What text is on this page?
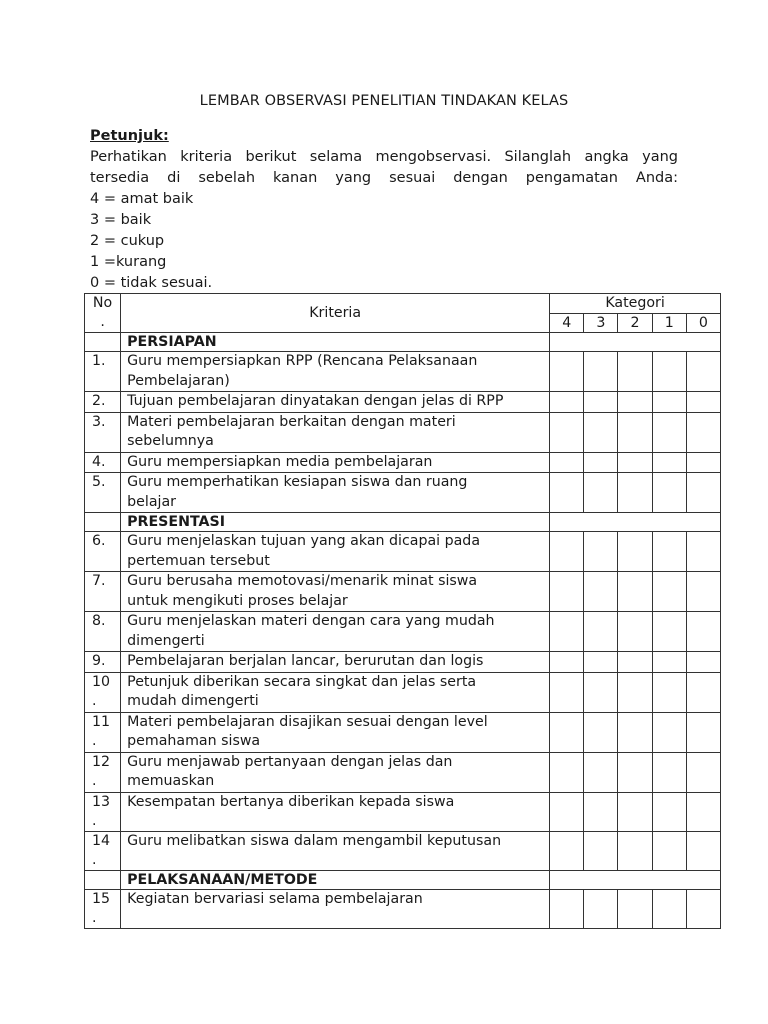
LEMBAR OBSERVASI PENELITIAN TINDAKAN KELAS
Petunjuk:
Perhatikan kriteria berikut selama mengobservasi. Silanglah angka yang
tersedia di sebelah kanan yang sesuai dengan pengamatan Anda:
4 = amat baik
3 = baik
2 = cukup
1 =kurang
0 = tidak sesuai.
No
.	Kriteria	Kategori				
		4	3	2	1	0
	PERSIAPAN					
1.	Guru mempersiapkan RPP (Rencana Pelaksanaan
Pembelajaran)					
2.	Tujuan pembelajaran dinyatakan dengan jelas di RPP					
3.	Materi pembelajaran berkaitan dengan materi
sebelumnya					
4.	Guru mempersiapkan media pembelajaran					
5.	Guru memperhatikan kesiapan siswa dan ruang
belajar					
	PRESENTASI					
6.	Guru menjelaskan tujuan yang akan dicapai pada
pertemuan tersebut					
7.	Guru berusaha memotovasi/menarik minat siswa
untuk mengikuti proses belajar					
8.	Guru menjelaskan materi dengan cara yang mudah
dimengerti					
9.	Pembelajaran berjalan lancar, berurutan dan logis					
10
.	Petunjuk diberikan secara singkat dan jelas serta
mudah dimengerti					
11
.	Materi pembelajaran disajikan sesuai dengan level
pemahaman siswa					
12
.	Guru menjawab pertanyaan dengan jelas dan
memuaskan					
13
.	Kesempatan bertanya diberikan kepada siswa					
14
.	Guru melibatkan siswa dalam mengambil keputusan					
	PELAKSANAAN/METODE					
15
.	Kegiatan bervariasi selama pembelajaran					
